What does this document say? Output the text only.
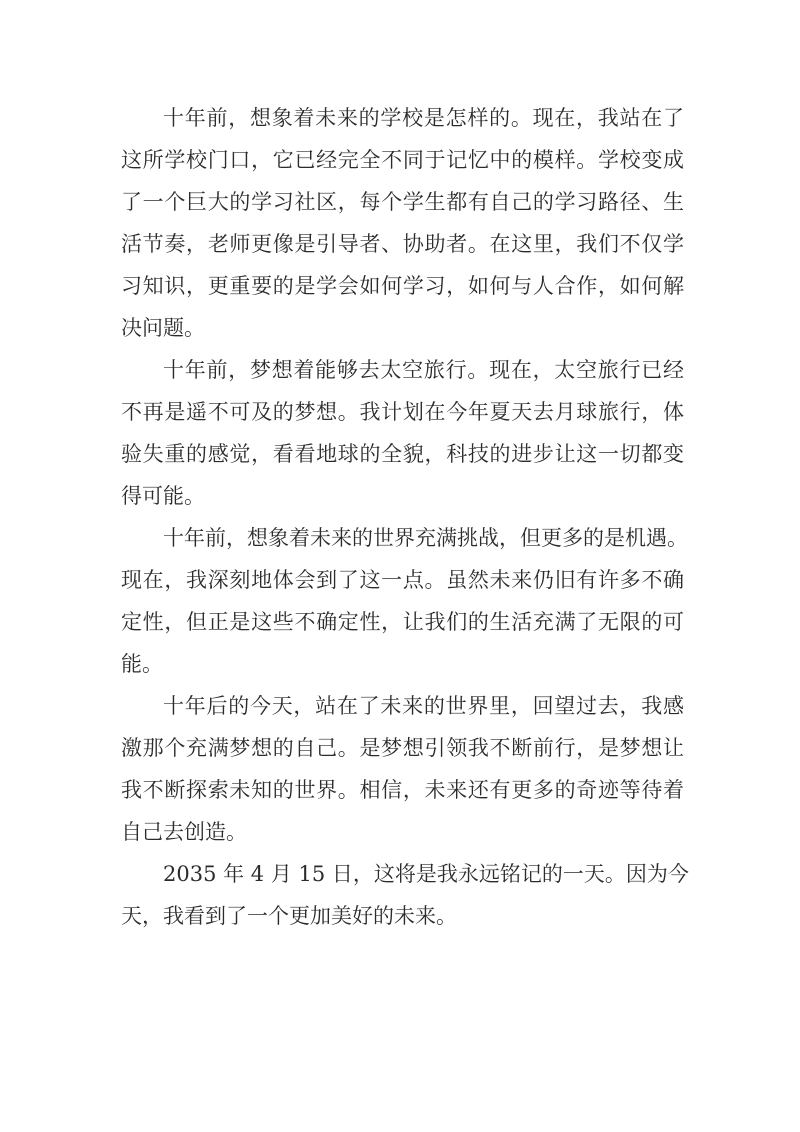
十年前，想象着未来的学校是怎样的。现在，我站在了
这所学校门口，它已经完全不同于记忆中的模样。学校变成
了一个巨大的学习社区，每个学生都有自己的学习路径、生
活节奏，老师更像是引导者、协助者。在这里，我们不仅学
习知识，更重要的是学会如何学习，如何与人合作，如何解
决问题。
十年前，梦想着能够去太空旅行。现在，太空旅行已经
不再是遥不可及的梦想。我计划在今年夏天去月球旅行，体
验失重的感觉，看看地球的全貌，科技的进步让这一切都变
得可能。
十年前，想象着未来的世界充满挑战，但更多的是机遇。
现在，我深刻地体会到了这一点。虽然未来仍旧有许多不确
定性，但正是这些不确定性，让我们的生活充满了无限的可
能。
十年后的今天，站在了未来的世界里，回望过去，我感
激那个充满梦想的自己。是梦想引领我不断前行，是梦想让
我不断探索未知的世界。相信，未来还有更多的奇迹等待着
自己去创造。
2035 年 4 月 15 日，这将是我永远铭记的一天。因为今
天，我看到了一个更加美好的未来。
